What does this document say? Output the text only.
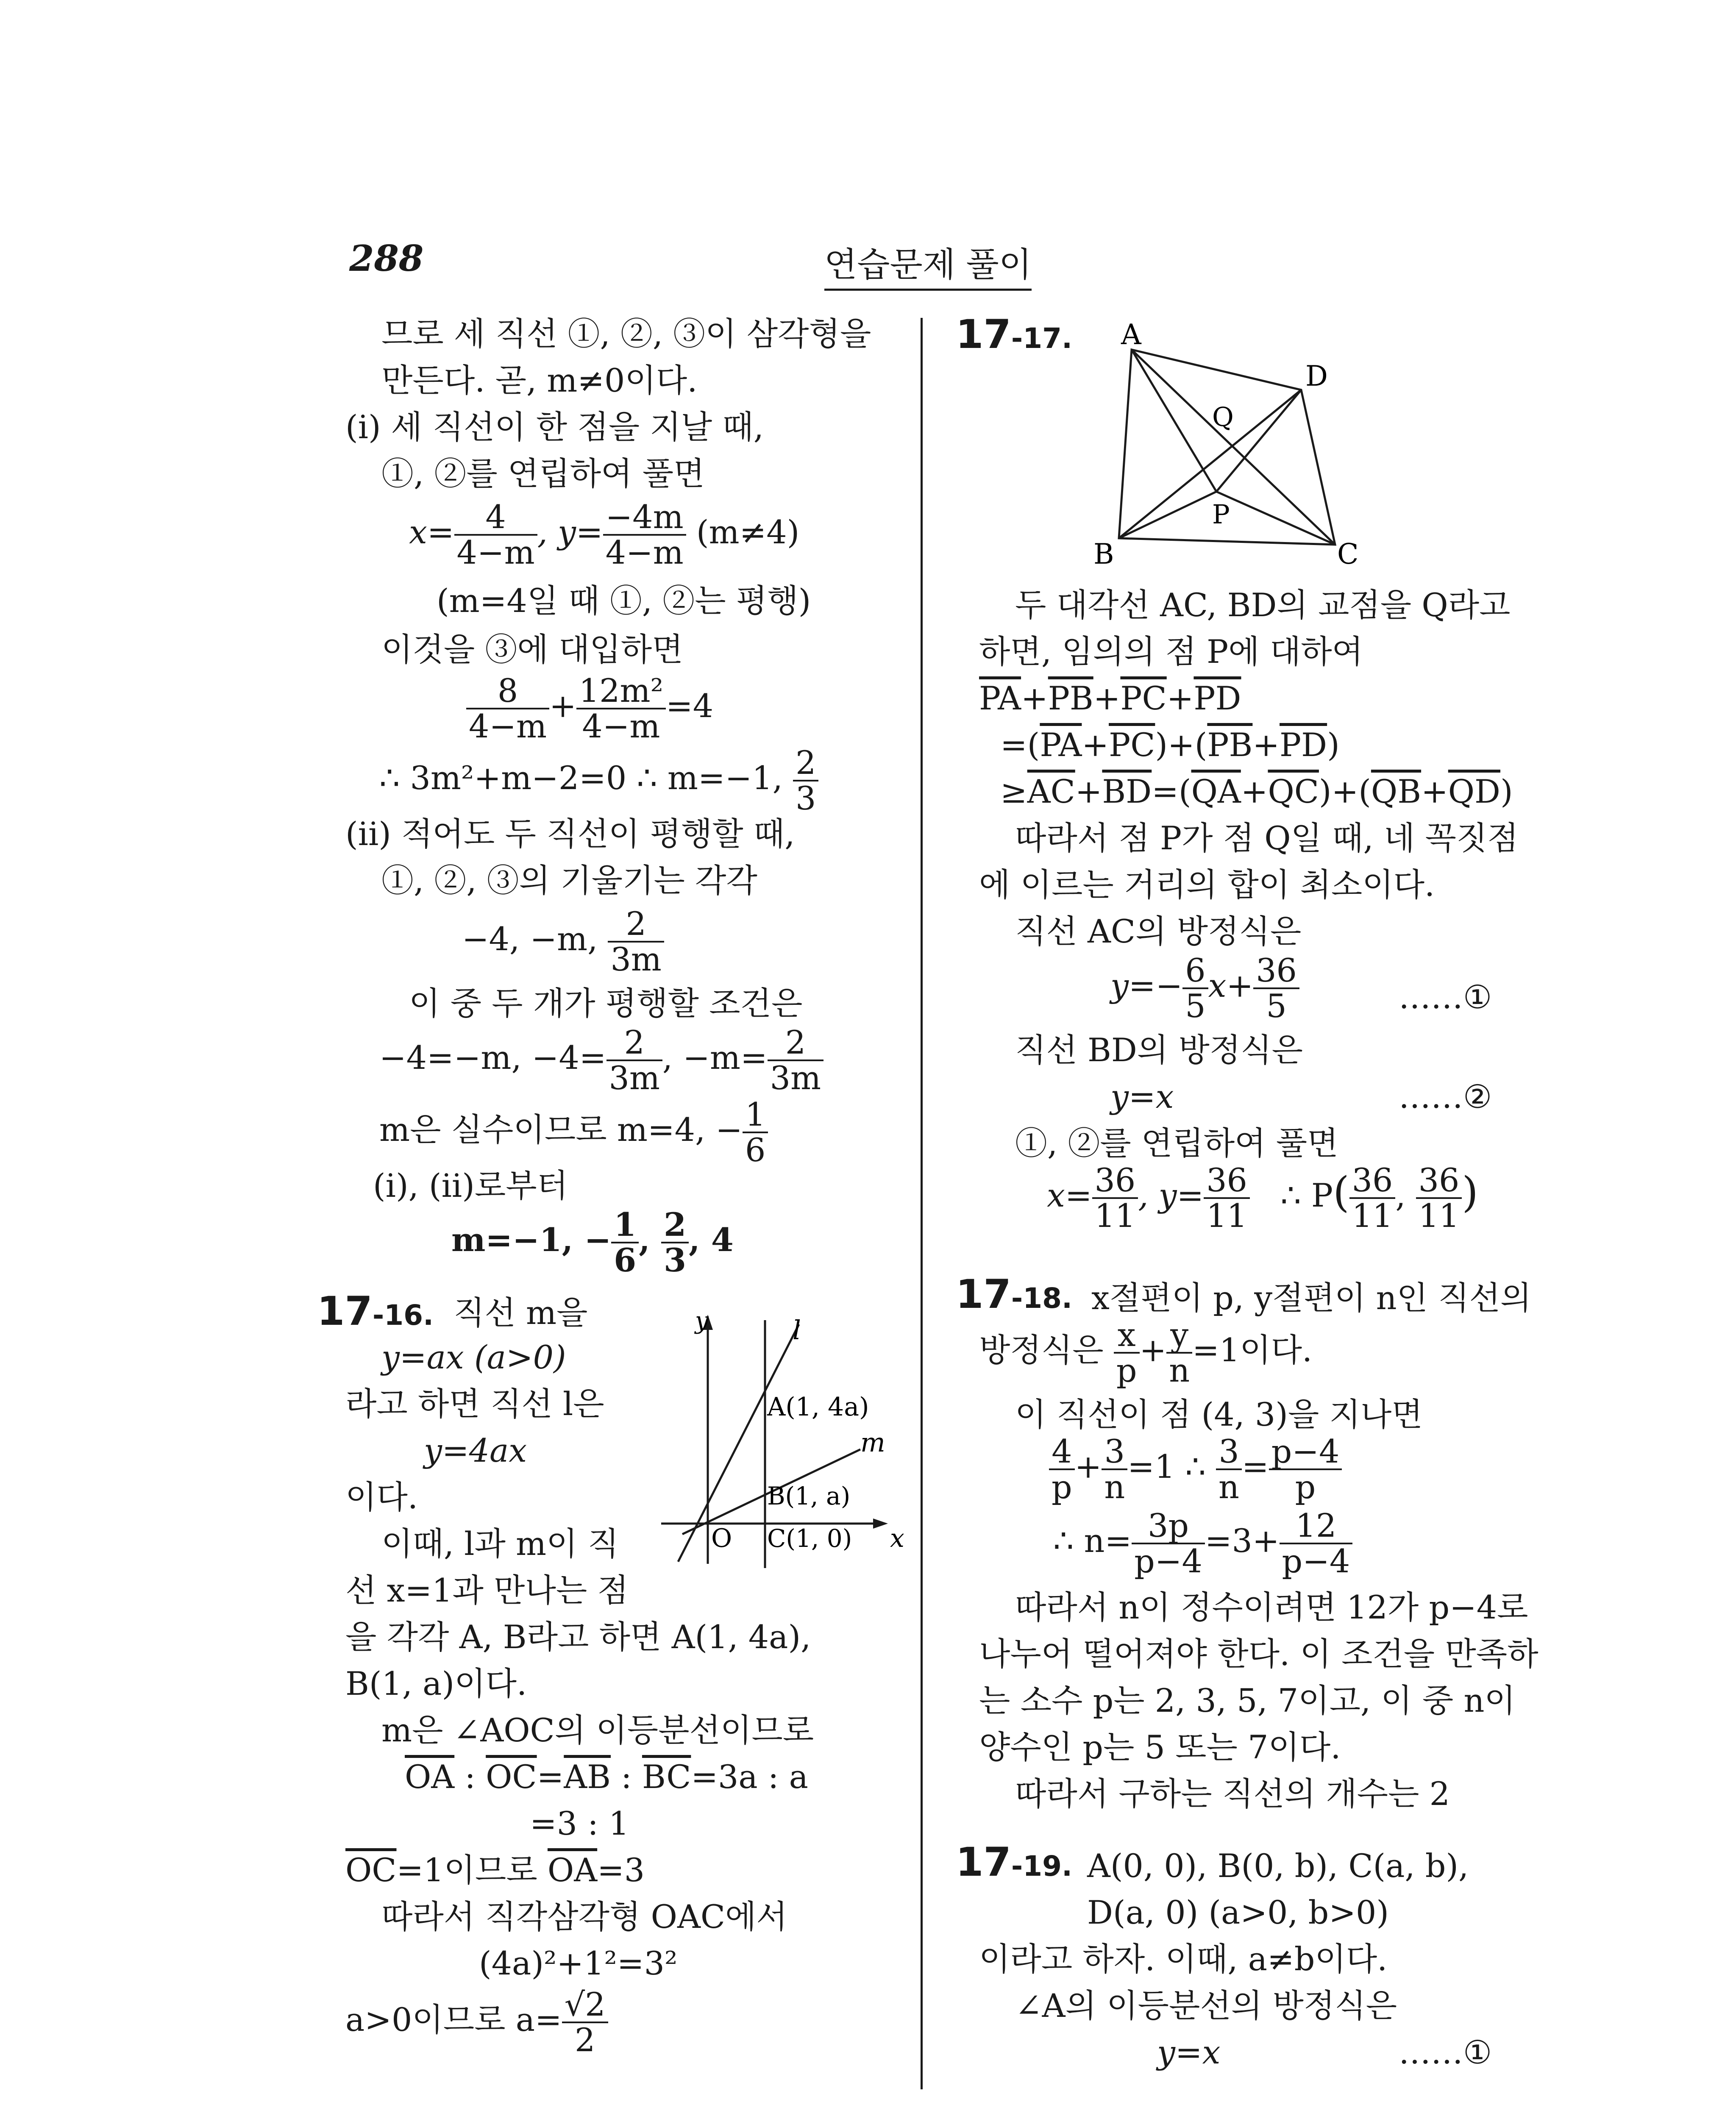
288	연습문제 풀이
므로 세 직선 ①, ②, ③이 삼각형을
만든다. 곧, m≠0이다.
(i) 세 직선이 한 점을 지날 때,
①, ②를 연립하여 풀면
$x= \frac{4}{4-m}$ , $y= \frac{-4m}{4-m} (m\ne 4)$
(m=4일 때 ①, ②는 평행)
이것을 ③에 대입하면
$\frac{8}{4-m} + \frac{\text{12m²}}{4-m} =4$
∴ 3m²+m−2=0 ∴ m=−1, $\frac{2}{3}$
(ii) 적어도 두 직선이 평행할 때,
①, ②, ③의 기울기는 각각
−4, −m, $\frac{2}{3m}$
이 중 두 개가 평행할 조건은
−4=−m, $-4= \frac{2}{3m}$ , $-m= \frac{2}{3m}$
m은 실수이므로 m=4, − $\frac{1}{6}$
(i), (ii)로부터
m=−1, − $\frac{1}{6}$ , $\frac{2}{3}$ , 4
17-16. 직선 m을
y=ax (a>0)
라고 하면 직선 l은
y=4ax
이다.
이때, l과 m이 직
선 x=1과 만나는 점
을 각각 A, B라고 하면 A(1, 4a),
B(1, a)이다.
m은 ∠AOC의 이등분선이므로
$\overline{OA}$ : $\overline{OC}=\overline{AB}$ : $\overline{BC}=3a$ : a
=3 : 1
$\overline{OC}=1$이므로 $\overline{OA}=3$
따라서 직각삼각형 OAC에서
(4a)²+1²=3²
a>0이므로 $a= \frac{√2}{2}$
y	l
A(1, 4a)
m
B(1, a)
C(1, 0)
O	x
17-17. A
D
Q
P
B	C
두 대각선 AC, BD의 교점을 Q라고
하면, 임의의 점 P에 대하여
$\overline{PA}+\overline{PB}+\overline{PC}+\overline{PD}$
$=(\overline{PA}+\overline{PC})+(\overline{PB}+\overline{PD})$
$\ge\overline{AC}+\overline{BD}=(\overline{QA}+\overline{QC})+(\overline{QB}+\overline{QD})$
따라서 점 P가 점 Q일 때, 네 꼭짓점
에 이르는 거리의 합이 최소이다.
직선 AC의 방정식은
$y=- \frac{6}{5} x+ \frac{36}{5}$	……①
직선 BD의 방정식은
y=x	……②
①, ②를 연립하여 풀면
$x= \frac{36}{11}$ , $y= \frac{36}{11}$ ∴ $P( \frac{36}{11}$ , $\frac{36}{11}$ )
17-18. x절편이 p, y절편이 n인 직선의
방정식은 $\frac{x}{p} + \frac{y}{n} =1$이다.
이 직선이 점 (4, 3)을 지나면
$\frac{4}{p} + \frac{3}{n} =1$ ∴ $\frac{3}{n} = \frac{p-4}{p}$
∴ $n= \frac{3p}{p-4} =3+ \frac{12}{p-4}$
따라서 n이 정수이려면 12가 p−4로
나누어 떨어져야 한다. 이 조건을 만족하
는 소수 p는 2, 3, 5, 7이고, 이 중 n이
양수인 p는 5 또는 7이다.
따라서 구하는 직선의 개수는 2
17-19. A(0, 0), B(0, b), C(a, b),
D(a, 0) (a>0, b>0)
이라고 하자. 이때, a≠b이다.
∠A의 이등분선의 방정식은
y=x	……①
